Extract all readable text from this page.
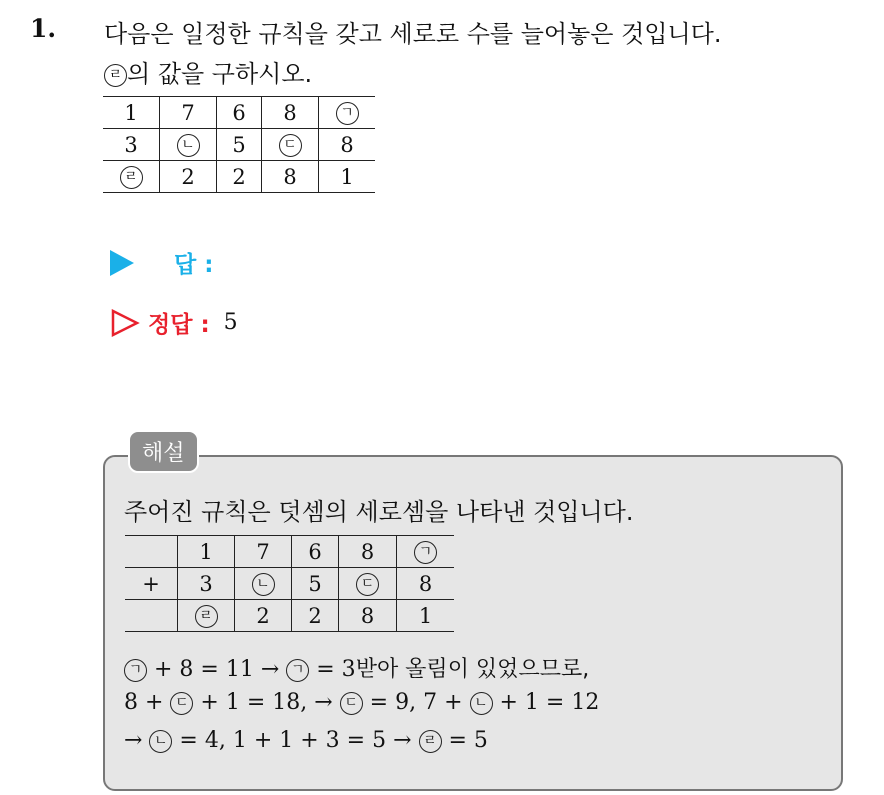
1. 다음은 일정한 규칙을 갖고 세로로 수를 늘어놓은 것입니다.
ㄹ 의 값을 구하시오.
1	7	6	8	ㄱ
3	ㄴ	5	ㄷ	8
ㄹ	2	2	8	1
답 :
정답 : 5
해설
주어진 규칙은 덧셈의 세로셈을 나타낸 것입니다.
	1	7	6	8	ㄱ
+	3	ㄴ	5	ㄷ	8
	ㄹ	2	2	8	1
ㄱ + 8 = 11 → ㄱ = 3받아 올림이 있었으므로,
8 + ㄷ + 1 = 18, → ㄷ = 9, 7 + ㄴ + 1 = 12
→ ㄴ = 4, 1 + 1 + 3 = 5 → ㄹ = 5
